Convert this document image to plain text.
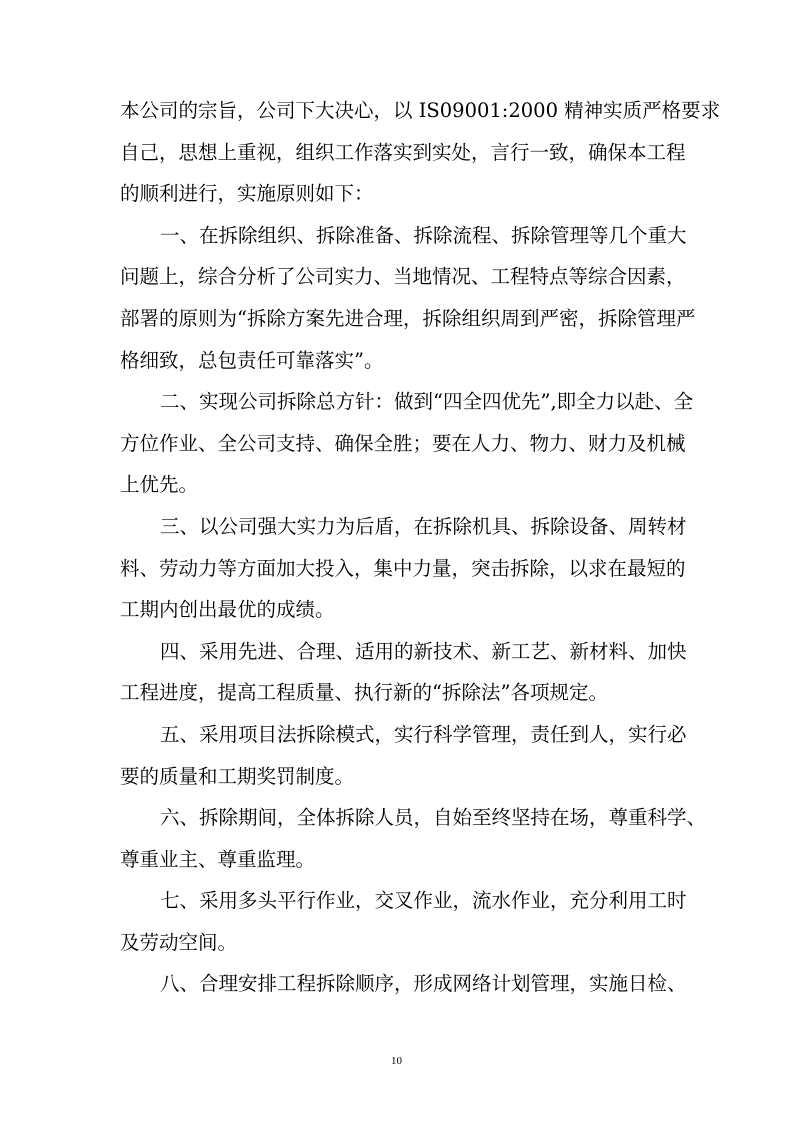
本公司的宗旨，公司下大决心，以 IS09001:2000 精神实质严格要求
自己，思想上重视，组织工作落实到实处，言行一致，确保本工程
的顺利进行，实施原则如下：
一、在拆除组织、拆除准备、拆除流程、拆除管理等几个重大
问题上，综合分析了公司实力、当地情况、工程特点等综合因素，
部署的原则为“拆除方案先进合理，拆除组织周到严密，拆除管理严
格细致，总包责任可靠落实”。
二、实现公司拆除总方针：做到“四全四优先”,即全力以赴、全
方位作业、全公司支持、确保全胜；要在人力、物力、财力及机械
上优先。
三、以公司强大实力为后盾，在拆除机具、拆除设备、周转材
料、劳动力等方面加大投入，集中力量，突击拆除，以求在最短的
工期内创出最优的成绩。
四、采用先进、合理、适用的新技术、新工艺、新材料、加快
工程进度，提高工程质量、执行新的“拆除法”各项规定。
五、采用项目法拆除模式，实行科学管理，责任到人，实行必
要的质量和工期奖罚制度。
六、拆除期间，全体拆除人员，自始至终坚持在场，尊重科学、
尊重业主、尊重监理。
七、采用多头平行作业，交叉作业，流水作业，充分利用工时
及劳动空间。
八、合理安排工程拆除顺序，形成网络计划管理，实施日检、
10
